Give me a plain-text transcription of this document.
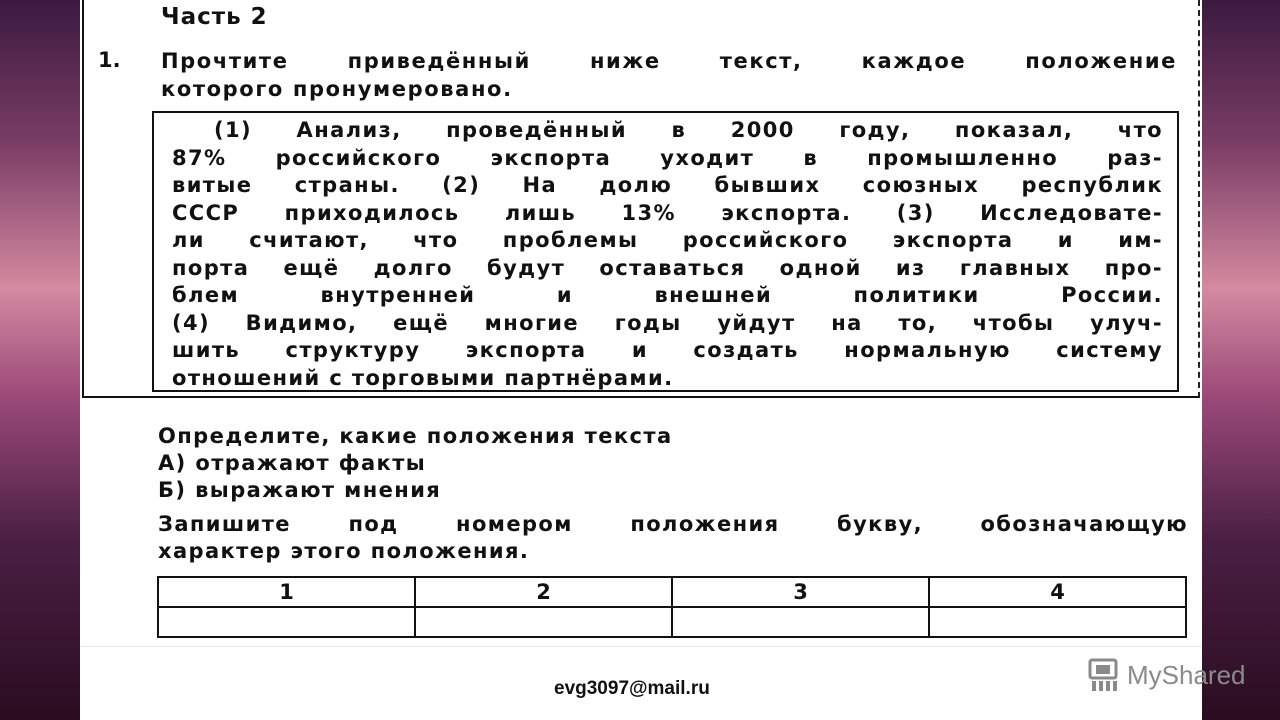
Часть 2
1. Прочтите приведённый ниже текст, каждое положение
которого пронумеровано.
(1) Анализ, проведённый в 2000 году, показал, что
87% российского экспорта уходит в промышленно раз-
витые страны. (2) На долю бывших союзных республик
СССР приходилось лишь 13% экспорта. (3) Исследовате-
ли считают, что проблемы российского экспорта и им-
порта ещё долго будут оставаться одной из главных про-
блем внутренней и внешней политики России.
(4) Видимо, ещё многие годы уйдут на то, чтобы улуч-
шить структуру экспорта и создать нормальную систему
отношений с торговыми партнёрами.
Определите, какие положения текста
А) отражают факты
Б) выражают мнения
Запишите под номером положения букву, обозначающую
характер этого положения.
1	2	3	4

evg3097@mail.ru	MyShared
